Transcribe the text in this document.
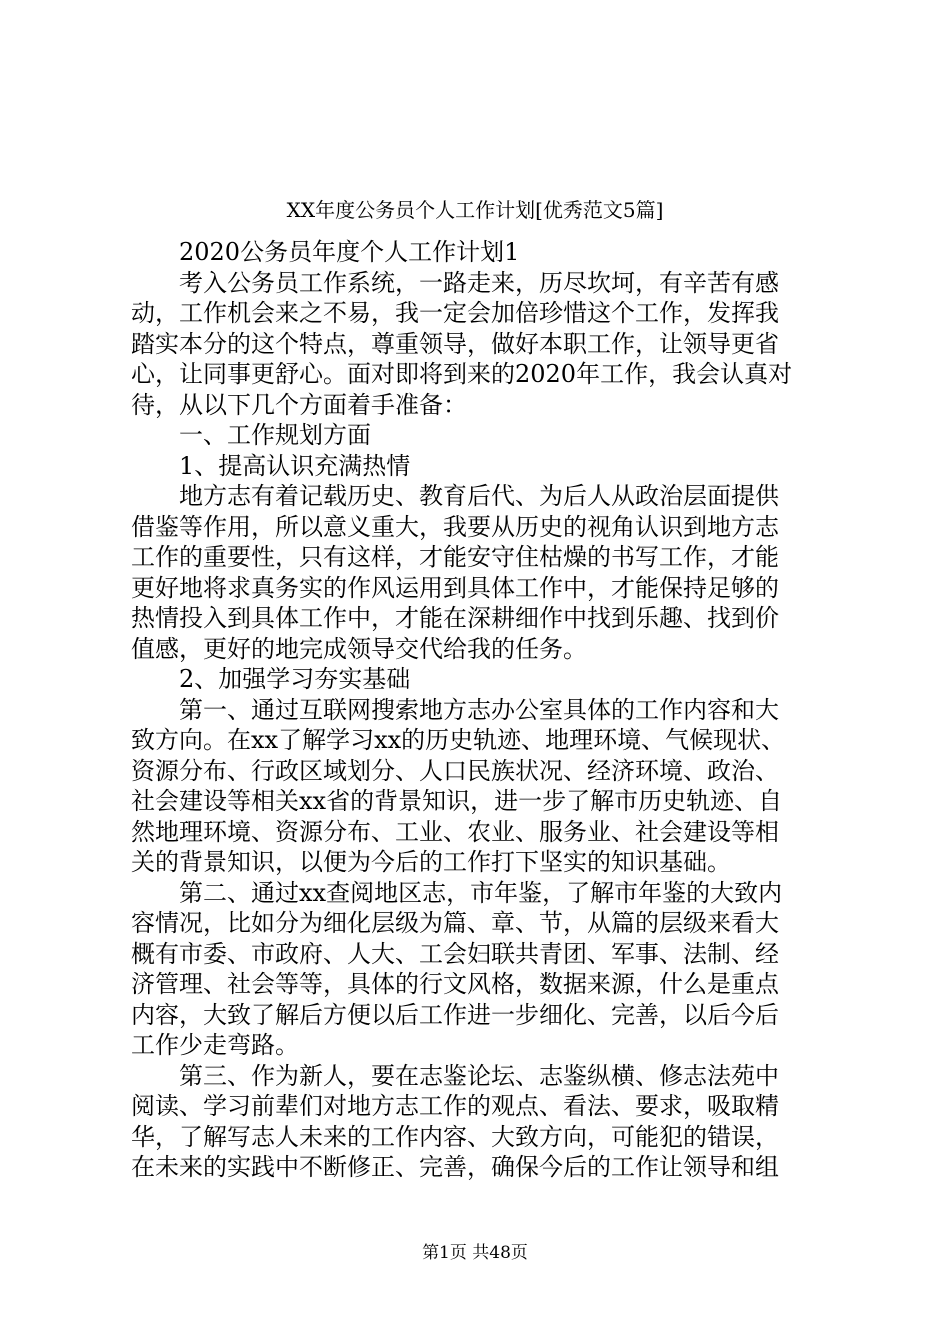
XX年度公务员个人工作计划[优秀范文5篇]
2020公务员年度个人工作计划1
考入公务员工作系统，一路走来，历尽坎坷，有辛苦有感
动，工作机会来之不易，我一定会加倍珍惜这个工作，发挥我
踏实本分的这个特点，尊重领导，做好本职工作，让领导更省
心，让同事更舒心。面对即将到来的2020年工作，我会认真对
待，从以下几个方面着手准备：
一、工作规划方面
1、提高认识充满热情
地方志有着记载历史、教育后代、为后人从政治层面提供
借鉴等作用，所以意义重大，我要从历史的视角认识到地方志
工作的重要性，只有这样，才能安守住枯燥的书写工作，才能
更好地将求真务实的作风运用到具体工作中，才能保持足够的
热情投入到具体工作中，才能在深耕细作中找到乐趣、找到价
值感，更好的地完成领导交代给我的任务。
2、加强学习夯实基础
第一、通过互联网搜索地方志办公室具体的工作内容和大
致方向。在xx了解学习xx的历史轨迹、地理环境、气候现状、
资源分布、行政区域划分、人口民族状况、经济环境、政治、
社会建设等相关xx省的背景知识，进一步了解市历史轨迹、自
然地理环境、资源分布、工业、农业、服务业、社会建设等相
关的背景知识，以便为今后的工作打下坚实的知识基础。
第二、通过xx查阅地区志，市年鉴，了解市年鉴的大致内
容情况，比如分为细化层级为篇、章、节，从篇的层级来看大
概有市委、市政府、人大、工会妇联共青团、军事、法制、经
济管理、社会等等，具体的行文风格，数据来源，什么是重点
内容，大致了解后方便以后工作进一步细化、完善，以后今后
工作少走弯路。
第三、作为新人，要在志鉴论坛、志鉴纵横、修志法苑中
阅读、学习前辈们对地方志工作的观点、看法、要求，吸取精
华，了解写志人未来的工作内容、大致方向，可能犯的错误，
在未来的实践中不断修正、完善，确保今后的工作让领导和组
第1页 共48页
